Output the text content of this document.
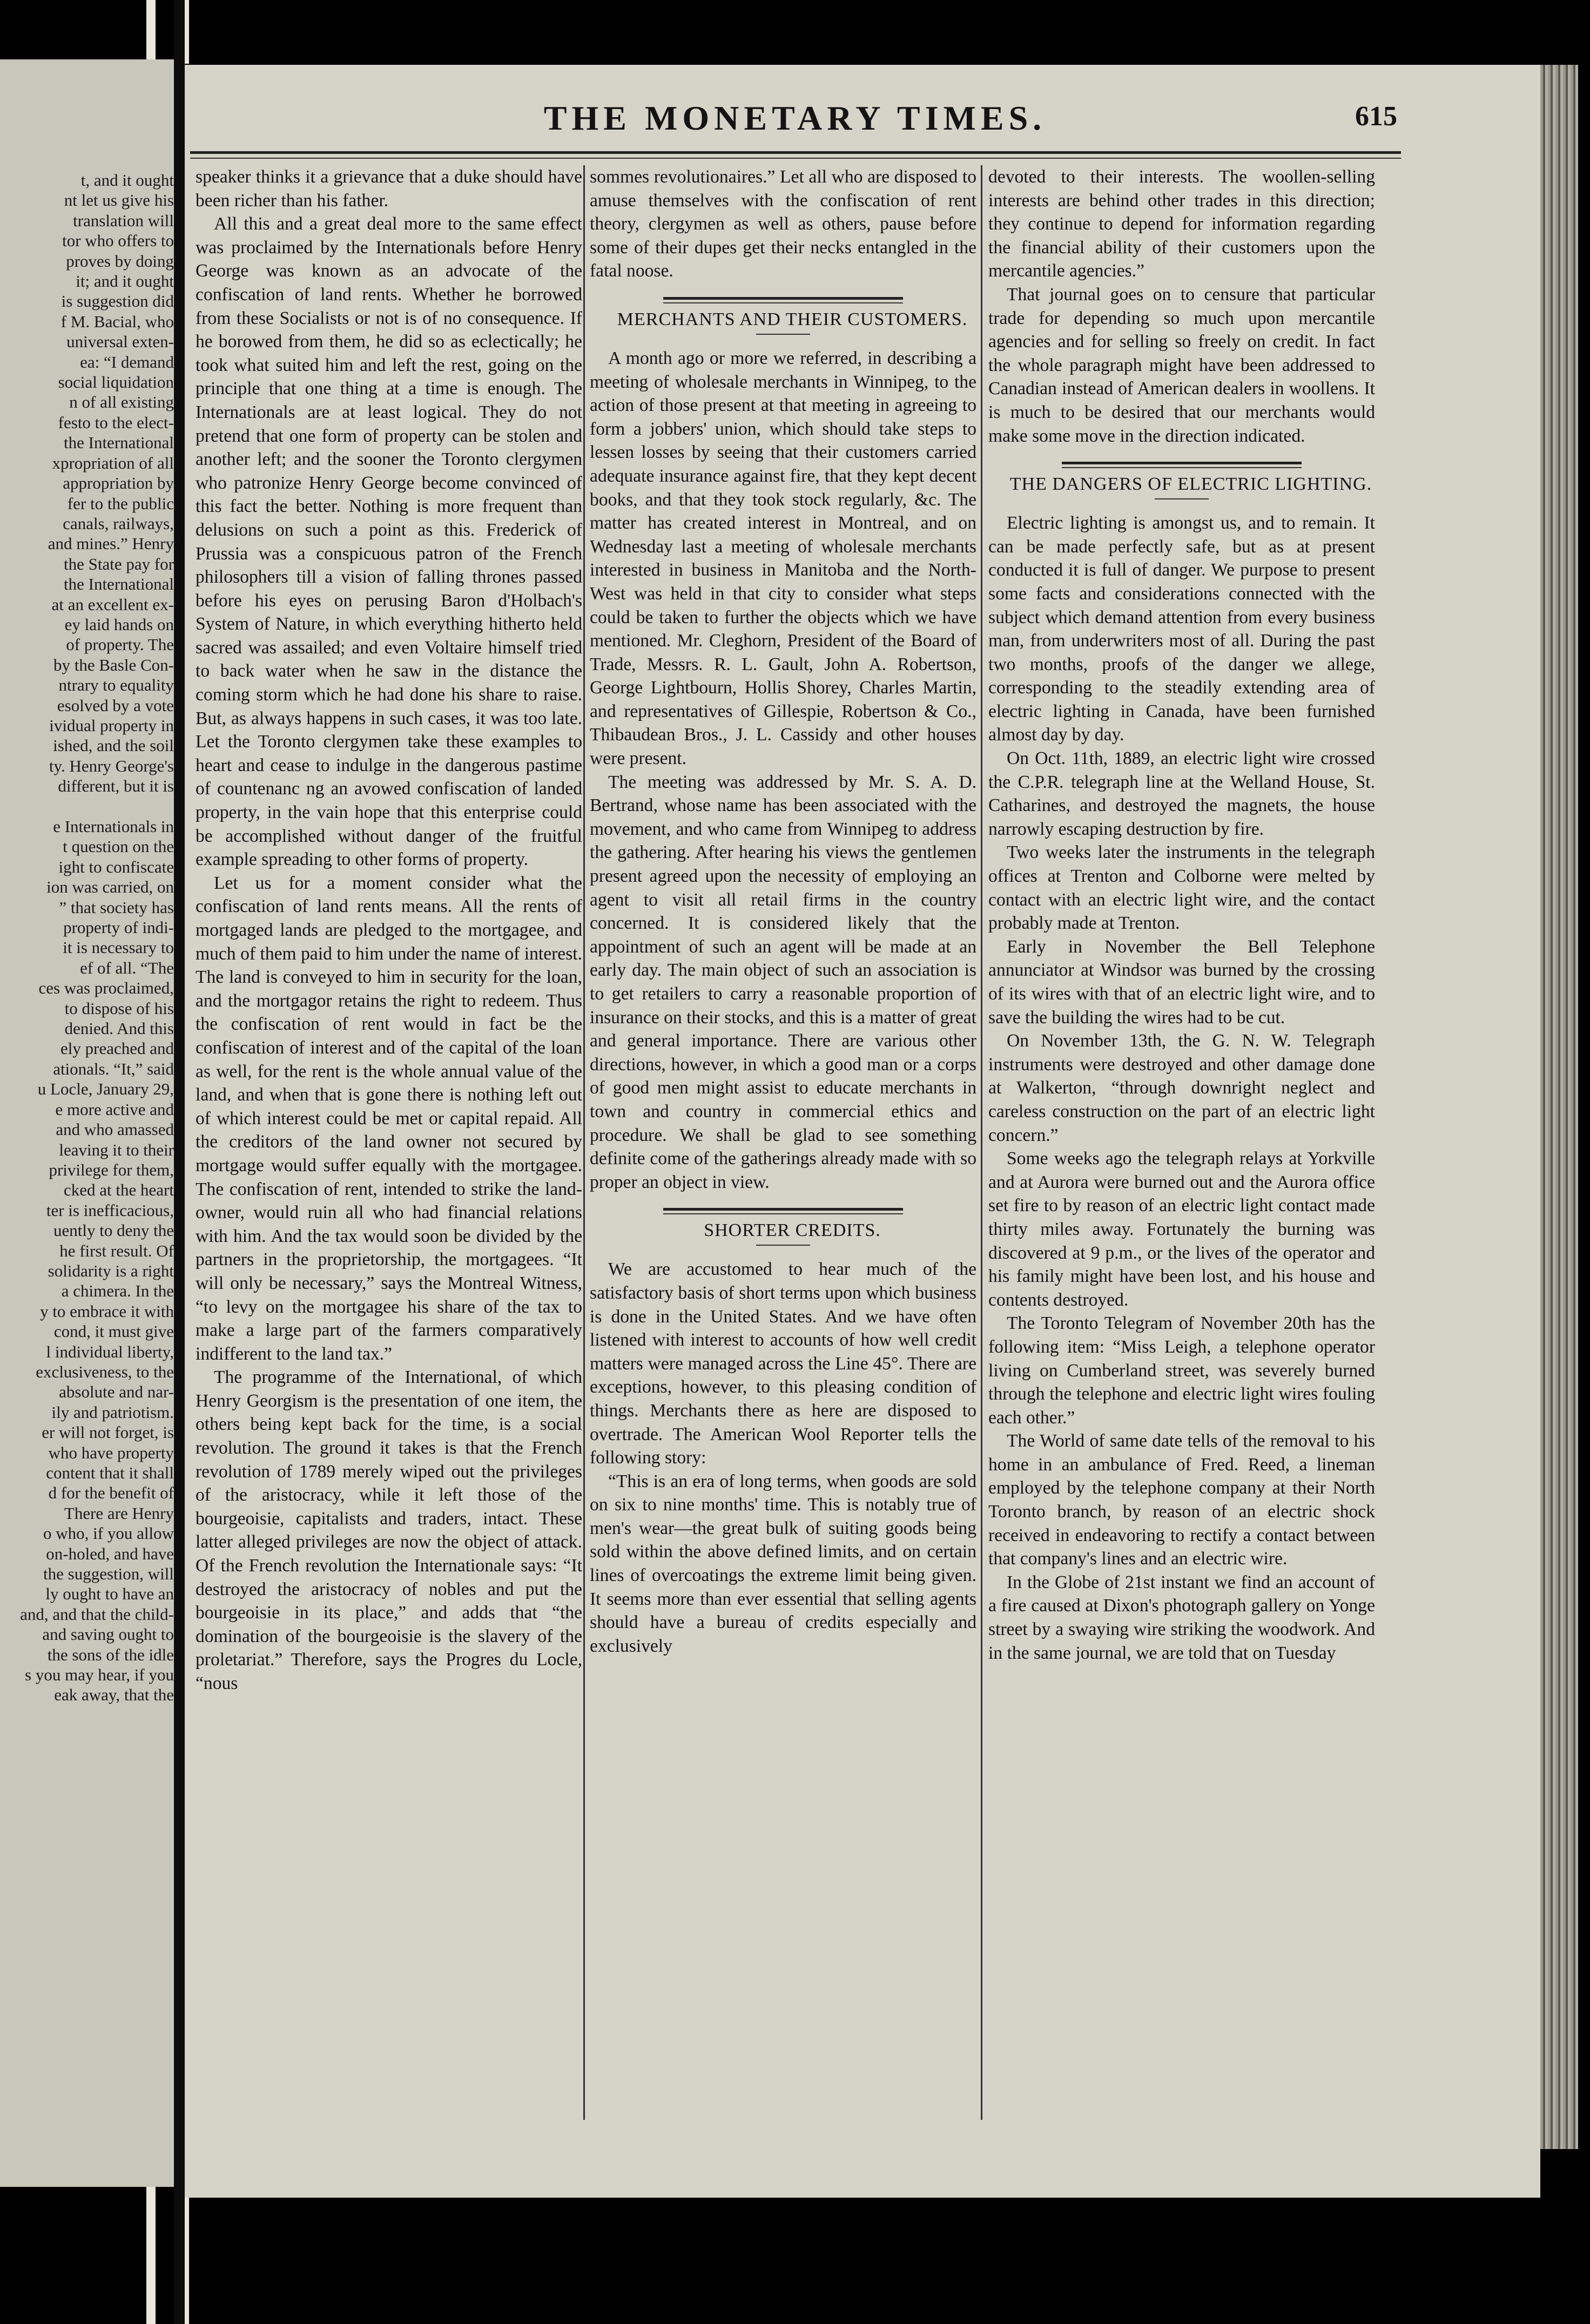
t, and it ought
nt let us give his
translation will
tor who offers to
proves by doing
it; and it ought
is suggestion did
f M. Bacial, who
universal exten-
ea: “I demand
social liquidation
n of all existing
festo to the elect-
the International
xpropriation of all
appropriation by
fer to the public
canals, railways,
and mines.” Henry
the State pay for
the International
at an excellent ex-
ey laid hands on
of property. The
by the Basle Con-
ntrary to equality
esolved by a vote
ividual property in
ished, and the soil
ty. Henry George's
different, but it is

e Internationals in
t question on the
ight to confiscate
ion was carried, on
” that society has
property of indi-
it is necessary to
ef of all. “The
ces was proclaimed,
to dispose of his
denied. And this
ely preached and
ationals. “It,” said
u Locle, January 29,
e more active and
and who amassed
leaving it to their
privilege for them,
cked at the heart
ter is inefficacious,
uently to deny the
he first result. Of
solidarity is a right
a chimera. In the
y to embrace it with
cond, it must give
l individual liberty,
exclusiveness, to the
absolute and nar-
ily and patriotism.
er will not forget, is
who have property
content that it shall
d for the benefit of
There are Henry
o who, if you allow
on-holed, and have
the suggestion, will
ly ought to have an
and, and that the child-
and saving ought to
the sons of the idle
s you may hear, if you
eak away, that the
THE MONETARY TIMES.	615

speaker thinks it a grievance that a duke should have been richer than his father.

All this and a great deal more to the same effect was proclaimed by the Internationals before Henry George was known as an advocate of the confiscation of land rents. Whether he borrowed from these Socialists or not is of no consequence. If he borowed from them, he did so as eclectically; he took what suited him and left the rest, going on the principle that one thing at a time is enough. The Internationals are at least logical. They do not pretend that one form of property can be stolen and another left; and the sooner the Toronto clergymen who patronize Henry George become convinced of this fact the better. Nothing is more frequent than delusions on such a point as this. Frederick of Prussia was a conspicuous patron of the French philosophers till a vision of falling thrones passed before his eyes on perusing Baron d'Holbach's System of Nature, in which everything hitherto held sacred was assailed; and even Voltaire himself tried to back water when he saw in the distance the coming storm which he had done his share to raise. But, as always happens in such cases, it was too late. Let the Toronto clergymen take these examples to heart and cease to indulge in the dangerous pastime of countenanc ng an avowed confiscation of landed property, in the vain hope that this enterprise could be accomplished without danger of the fruitful example spreading to other forms of property.

Let us for a moment consider what the confiscation of land rents means. All the rents of mortgaged lands are pledged to the mortgagee, and much of them paid to him under the name of interest. The land is conveyed to him in security for the loan, and the mortgagor retains the right to redeem. Thus the confiscation of rent would in fact be the confiscation of interest and of the capital of the loan as well, for the rent is the whole annual value of the land, and when that is gone there is nothing left out of which interest could be met or capital repaid. All the creditors of the land owner not secured by mortgage would suffer equally with the mortgagee. The confiscation of rent, intended to strike the land-owner, would ruin all who had financial relations with him. And the tax would soon be divided by the partners in the proprietorship, the mortgagees. “It will only be necessary,” says the Montreal Witness, “to levy on the mortgagee his share of the tax to make a large part of the farmers comparatively indifferent to the land tax.”

The programme of the International, of which Henry Georgism is the presentation of one item, the others being kept back for the time, is a social revolution. The ground it takes is that the French revolution of 1789 merely wiped out the privileges of the aristocracy, while it left those of the bourgeoisie, capitalists and traders, intact. These latter alleged privileges are now the object of attack. Of the French revolution the Internationale says: “It destroyed the aristocracy of nobles and put the bourgeoisie in its place,” and adds that “the domination of the bourgeoisie is the slavery of the proletariat.” Therefore, says the Progres du Locle, “nous

sommes revolutionaires.” Let all who are disposed to amuse themselves with the confiscation of rent theory, clergymen as well as others, pause before some of their dupes get their necks entangled in the fatal noose.

MERCHANTS AND THEIR CUSTOMERS.

A month ago or more we referred, in describing a meeting of wholesale merchants in Winnipeg, to the action of those present at that meeting in agreeing to form a jobbers' union, which should take steps to lessen losses by seeing that their customers carried adequate insurance against fire, that they kept decent books, and that they took stock regularly, &c. The matter has created interest in Montreal, and on Wednesday last a meeting of wholesale merchants interested in business in Manitoba and the North-West was held in that city to consider what steps could be taken to further the objects which we have mentioned. Mr. Cleghorn, President of the Board of Trade, Messrs. R. L. Gault, John A. Robertson, George Lightbourn, Hollis Shorey, Charles Martin, and representatives of Gillespie, Robertson & Co., Thibaudean Bros., J. L. Cassidy and other houses were present.

The meeting was addressed by Mr. S. A. D. Bertrand, whose name has been associated with the movement, and who came from Winnipeg to address the gathering. After hearing his views the gentlemen present agreed upon the necessity of employing an agent to visit all retail firms in the country concerned. It is considered likely that the appointment of such an agent will be made at an early day. The main object of such an association is to get retailers to carry a reasonable proportion of insurance on their stocks, and this is a matter of great and general importance. There are various other directions, however, in which a good man or a corps of good men might assist to educate merchants in town and country in commercial ethics and procedure. We shall be glad to see something definite come of the gatherings already made with so proper an object in view.

SHORTER CREDITS.

We are accustomed to hear much of the satisfactory basis of short terms upon which business is done in the United States. And we have often listened with interest to accounts of how well credit matters were managed across the Line 45°. There are exceptions, however, to this pleasing condition of things. Merchants there as here are disposed to overtrade. The American Wool Reporter tells the following story:

“This is an era of long terms, when goods are sold on six to nine months' time. This is notably true of men's wear—the great bulk of suiting goods being sold within the above defined limits, and on certain lines of overcoatings the extreme limit being given. It seems more than ever essential that selling agents should have a bureau of credits especially and exclusively

devoted to their interests. The woollen-selling interests are behind other trades in this direction; they continue to depend for information regarding the financial ability of their customers upon the mercantile agencies.”

That journal goes on to censure that particular trade for depending so much upon mercantile agencies and for selling so freely on credit. In fact the whole paragraph might have been addressed to Canadian instead of American dealers in woollens. It is much to be desired that our merchants would make some move in the direction indicated.

THE DANGERS OF ELECTRIC LIGHTING.

Electric lighting is amongst us, and to remain. It can be made perfectly safe, but as at present conducted it is full of danger. We purpose to present some facts and considerations connected with the subject which demand attention from every business man, from underwriters most of all. During the past two months, proofs of the danger we allege, corresponding to the steadily extending area of electric lighting in Canada, have been furnished almost day by day.

On Oct. 11th, 1889, an electric light wire crossed the C.P.R. telegraph line at the Welland House, St. Catharines, and destroyed the magnets, the house narrowly escaping destruction by fire.

Two weeks later the instruments in the telegraph offices at Trenton and Colborne were melted by contact with an electric light wire, and the contact probably made at Trenton.

Early in November the Bell Telephone annunciator at Windsor was burned by the crossing of its wires with that of an electric light wire, and to save the building the wires had to be cut.

On November 13th, the G. N. W. Telegraph instruments were destroyed and other damage done at Walkerton, “through downright neglect and careless construction on the part of an electric light concern.”

Some weeks ago the telegraph relays at Yorkville and at Aurora were burned out and the Aurora office set fire to by reason of an electric light contact made thirty miles away. Fortunately the burning was discovered at 9 p.m., or the lives of the operator and his family might have been lost, and his house and contents destroyed.

The Toronto Telegram of November 20th has the following item: “Miss Leigh, a telephone operator living on Cumberland street, was severely burned through the telephone and electric light wires fouling each other.”

The World of same date tells of the removal to his home in an ambulance of Fred. Reed, a lineman employed by the telephone company at their North Toronto branch, by reason of an electric shock received in endeavoring to rectify a contact between that company's lines and an electric wire.

In the Globe of 21st instant we find an account of a fire caused at Dixon's photograph gallery on Yonge street by a swaying wire striking the woodwork. And in the same journal, we are told that on Tuesday
